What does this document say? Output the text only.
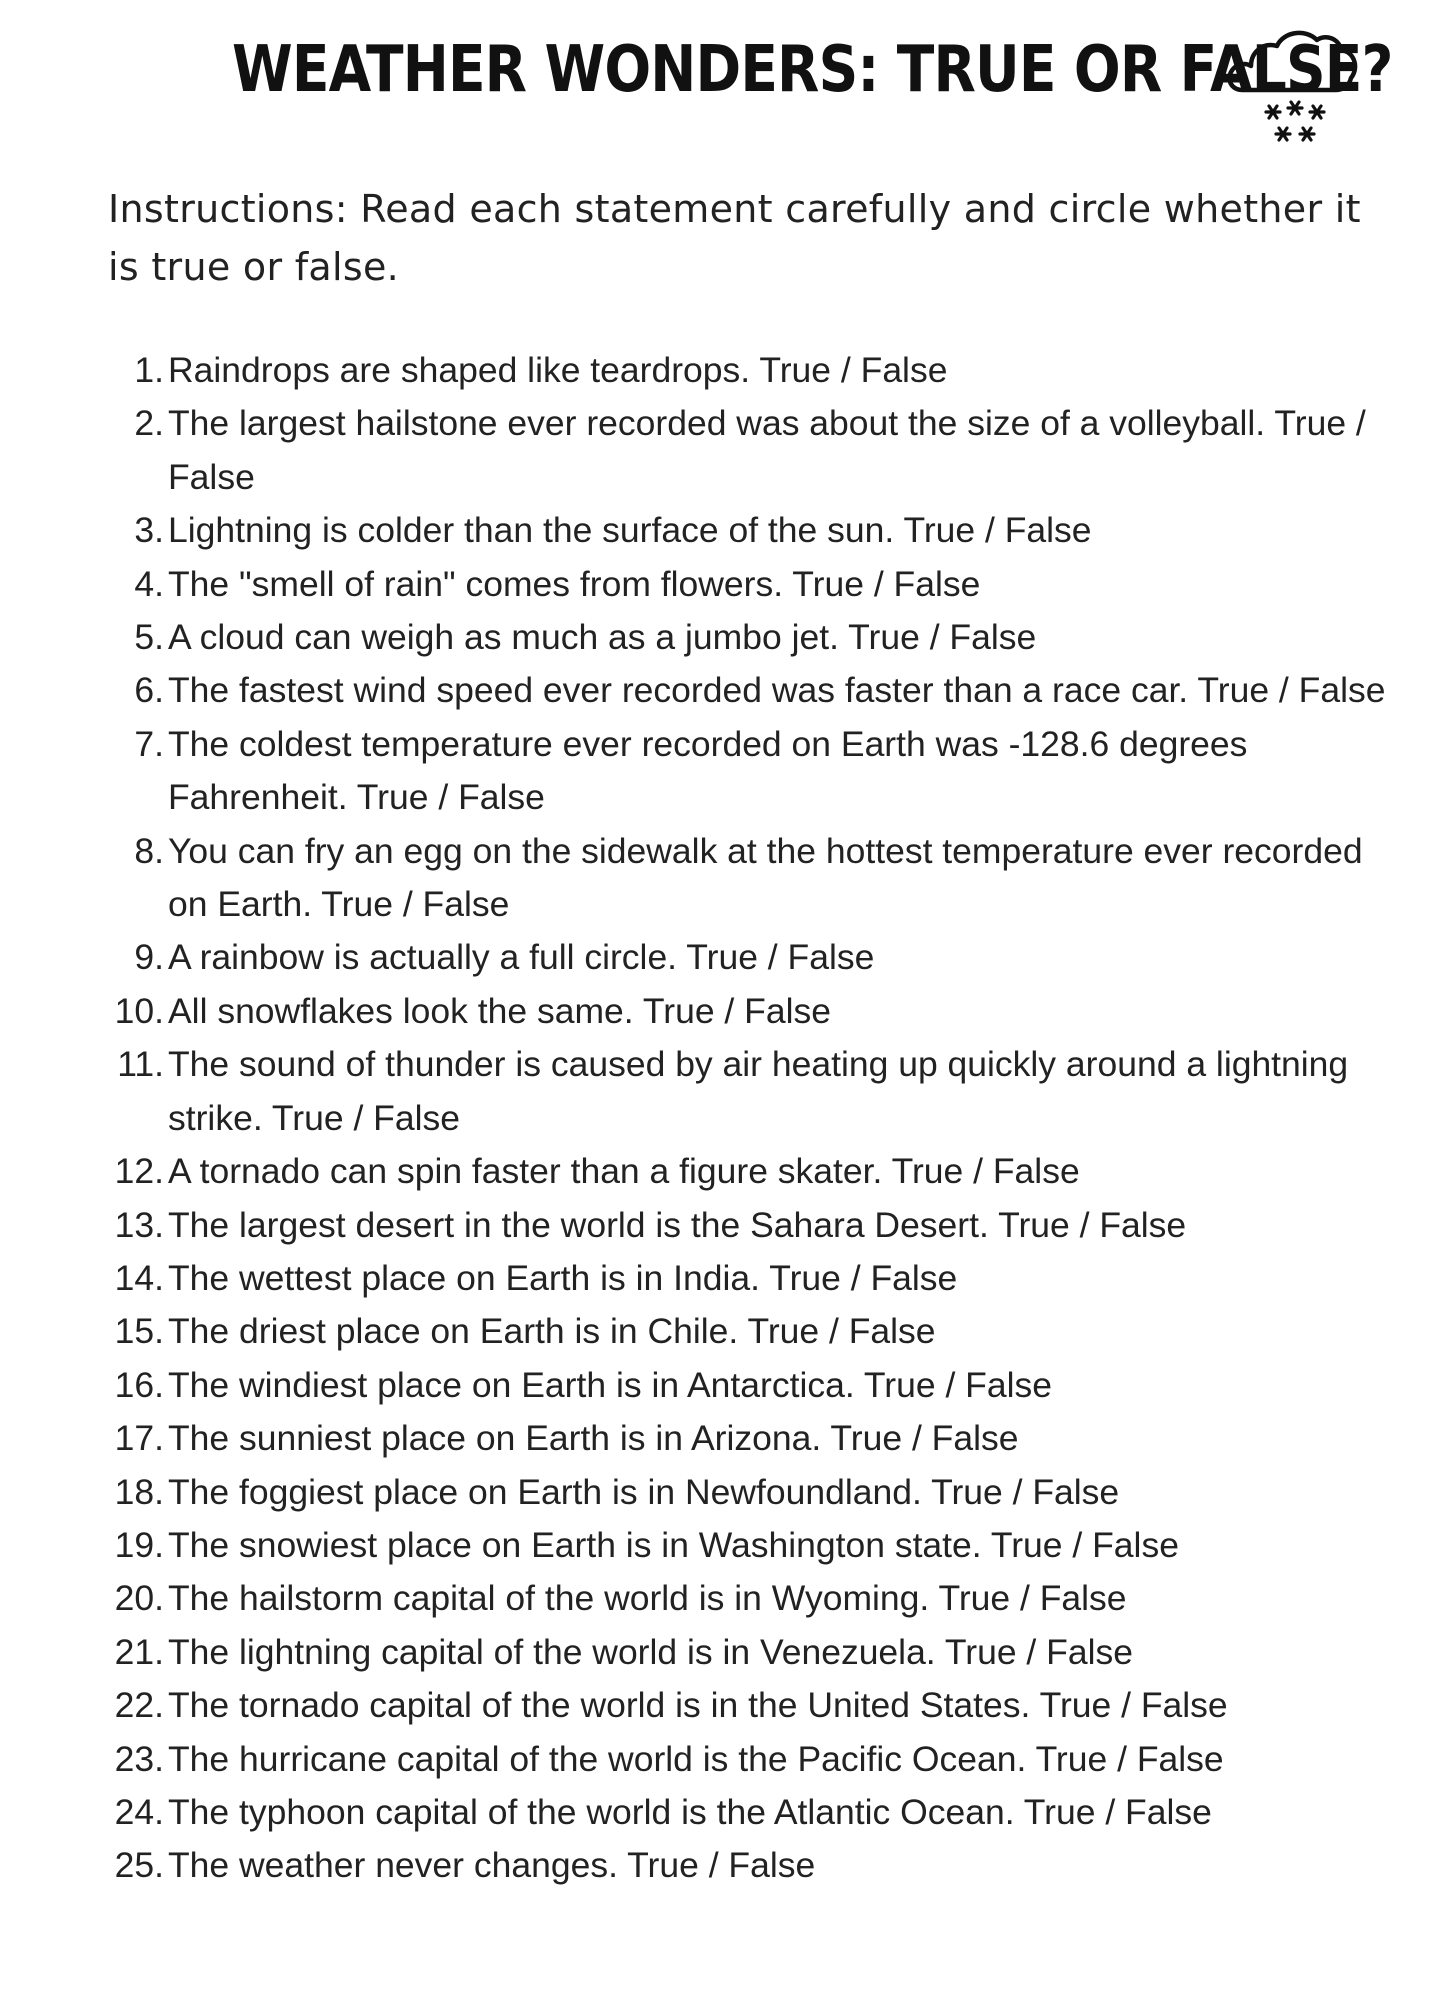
WEATHER WONDERS: TRUE OR FALSE?

Instructions: Read each statement carefully and circle whether it is true or false.

1. Raindrops are shaped like teardrops. True / False
2. The largest hailstone ever recorded was about the size of a volleyball. True / False
3. Lightning is colder than the surface of the sun. True / False
4. The "smell of rain" comes from flowers. True / False
5. A cloud can weigh as much as a jumbo jet. True / False
6. The fastest wind speed ever recorded was faster than a race car. True / False
7. The coldest temperature ever recorded on Earth was -128.6 degrees Fahrenheit. True / False
8. You can fry an egg on the sidewalk at the hottest temperature ever recorded on Earth. True / False
9. A rainbow is actually a full circle. True / False
10. All snowflakes look the same. True / False
11. The sound of thunder is caused by air heating up quickly around a lightning strike. True / False
12. A tornado can spin faster than a figure skater. True / False
13. The largest desert in the world is the Sahara Desert. True / False
14. The wettest place on Earth is in India. True / False
15. The driest place on Earth is in Chile. True / False
16. The windiest place on Earth is in Antarctica. True / False
17. The sunniest place on Earth is in Arizona. True / False
18. The foggiest place on Earth is in Newfoundland. True / False
19. The snowiest place on Earth is in Washington state. True / False
20. The hailstorm capital of the world is in Wyoming. True / False
21. The lightning capital of the world is in Venezuela. True / False
22. The tornado capital of the world is in the United States. True / False
23. The hurricane capital of the world is the Pacific Ocean. True / False
24. The typhoon capital of the world is the Atlantic Ocean. True / False
25. The weather never changes. True / False
